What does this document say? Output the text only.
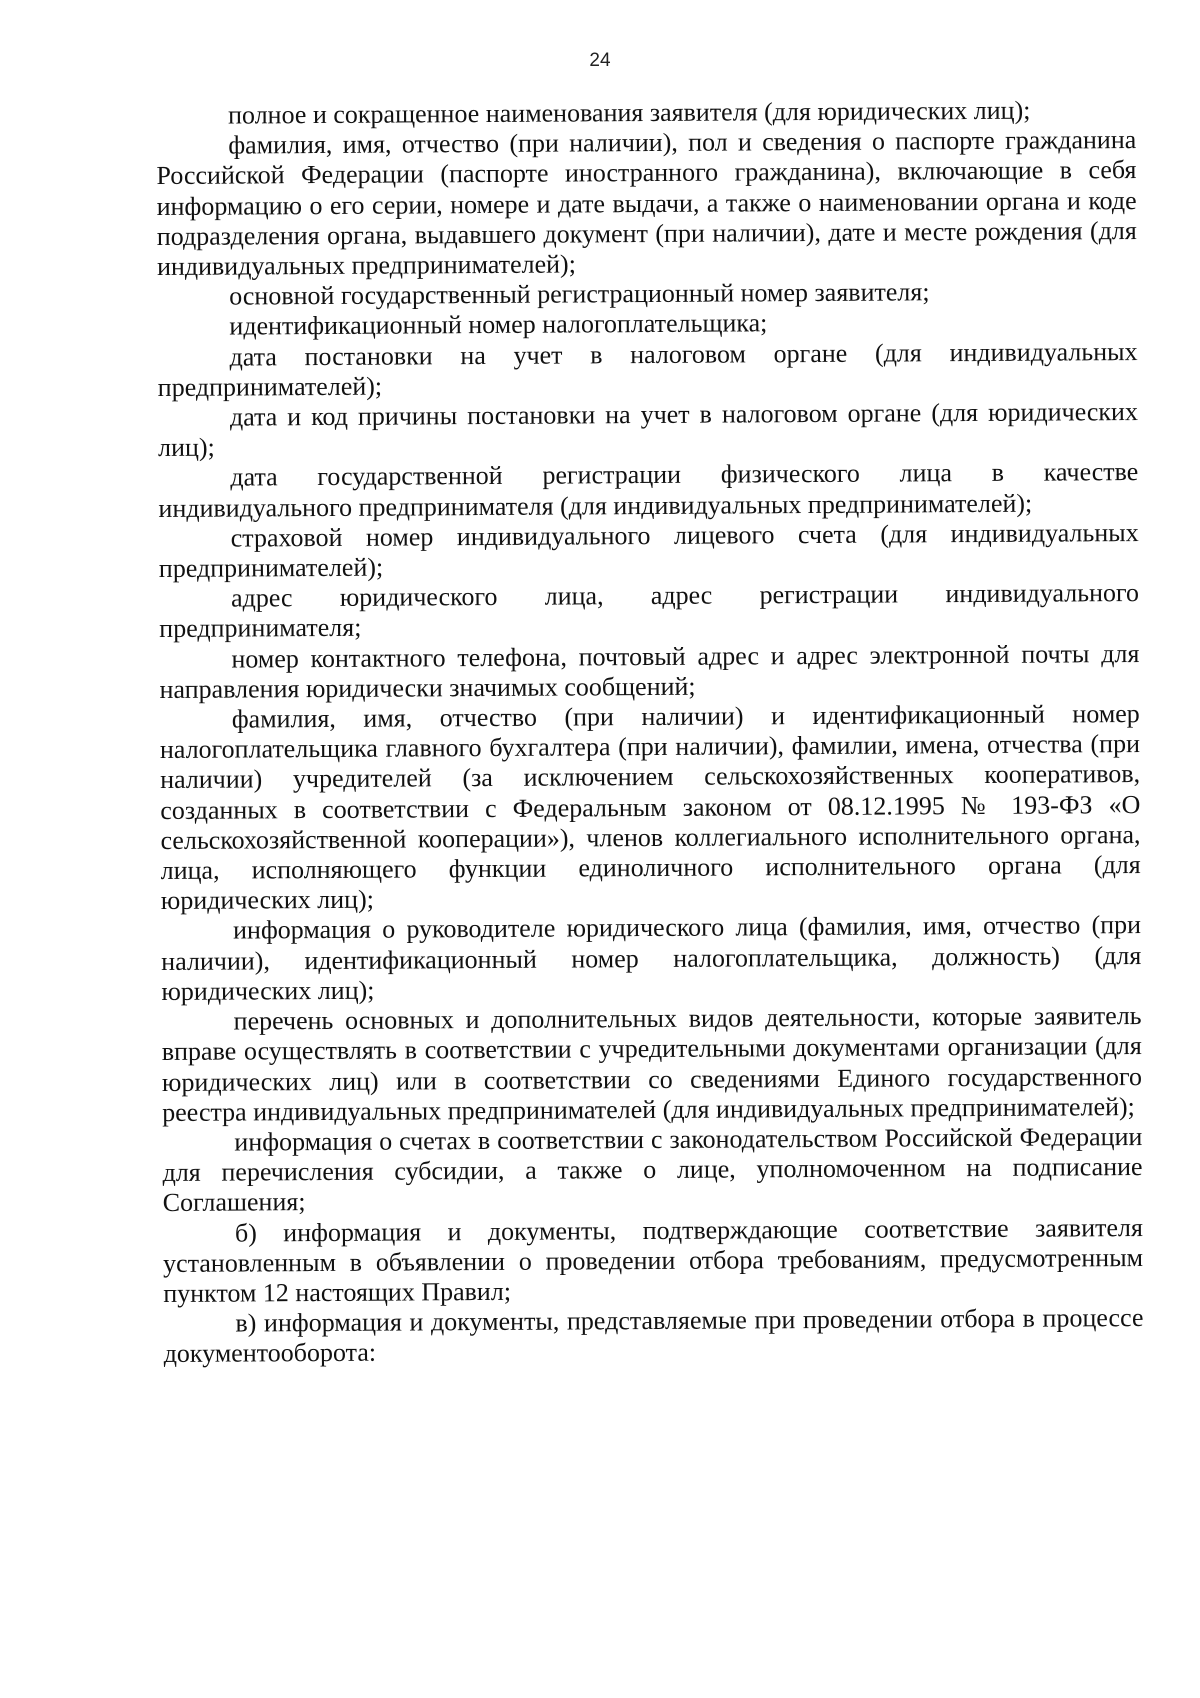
24

полное и сокращенное наименования заявителя (для юридических лиц);

фамилия, имя, отчество (при наличии), пол и сведения о паспорте гражданина Российской Федерации (паспорте иностранного гражданина), включающие в себя информацию о его серии, номере и дате выдачи, а также о наименовании органа и коде подразделения органа, выдавшего документ (при наличии), дате и месте рождения (для индивидуальных предпринимателей);

основной государственный регистрационный номер заявителя;

идентификационный номер налогоплательщика;

дата постановки на учет в налоговом органе (для индивидуальных предпринимателей);

дата и код причины постановки на учет в налоговом органе (для юридических лиц);

дата государственной регистрации физического лица в качестве индивидуального предпринимателя (для индивидуальных предпринимателей);

страховой номер индивидуального лицевого счета (для индивидуальных предпринимателей);

адрес юридического лица, адрес регистрации индивидуального предпринимателя;

номер контактного телефона, почтовый адрес и адрес электронной почты для направления юридически значимых сообщений;

фамилия, имя, отчество (при наличии) и идентификационный номер налогоплательщика главного бухгалтера (при наличии), фамилии, имена, отчества (при наличии) учредителей (за исключением сельскохозяйственных кооперативов, созданных в соответствии с Федеральным законом от 08.12.1995 № 193-ФЗ «О сельскохозяйственной кооперации»), членов коллегиального исполнительного органа, лица, исполняющего функции единоличного исполнительного органа (для юридических лиц);

информация о руководителе юридического лица (фамилия, имя, отчество (при наличии), идентификационный номер налогоплательщика, должность) (для юридических лиц);

перечень основных и дополнительных видов деятельности, которые заявитель вправе осуществлять в соответствии с учредительными документами организации (для юридических лиц) или в соответствии со сведениями Единого государственного реестра индивидуальных предпринимателей (для индивидуальных предпринимателей);

информация о счетах в соответствии с законодательством Российской Федерации для перечисления субсидии, а также о лице, уполномоченном на подписание Соглашения;

б) информация и документы, подтверждающие соответствие заявителя установленным в объявлении о проведении отбора требованиям, предусмотренным пунктом 12 настоящих Правил;

в) информация и документы, представляемые при проведении отбора в процессе документооборота:
